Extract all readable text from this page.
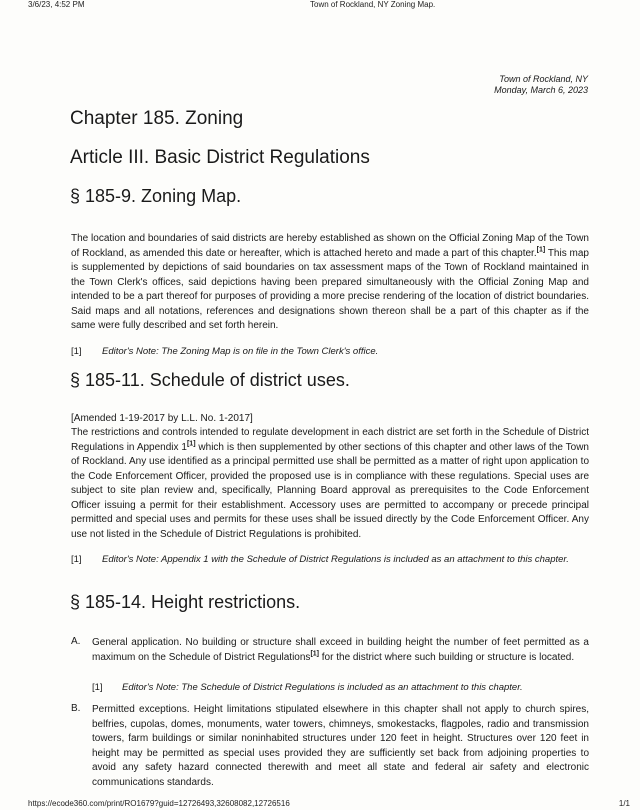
3/6/23, 4:52 PM	Town of Rockland, NY Zoning Map.
Town of Rockland, NY
Monday, March 6, 2023
Chapter 185. Zoning
Article III. Basic District Regulations
§ 185-9. Zoning Map.
The location and boundaries of said districts are hereby established as shown on the Official Zoning Map of the Town of Rockland, as amended this date or hereafter, which is attached hereto and made a part of this chapter.[1] This map is supplemented by depictions of said boundaries on tax assessment maps of the Town of Rockland maintained in the Town Clerk's offices, said depictions having been prepared simultaneously with the Official Zoning Map and intended to be a part thereof for purposes of providing a more precise rendering of the location of district boundaries. Said maps and all notations, references and designations shown thereon shall be a part of this chapter as if the same were fully described and set forth herein.
[1] Editor's Note: The Zoning Map is on file in the Town Clerk's office.
§ 185-11. Schedule of district uses.
[Amended 1-19-2017 by L.L. No. 1-2017]
The restrictions and controls intended to regulate development in each district are set forth in the Schedule of District Regulations in Appendix 1[1] which is then supplemented by other sections of this chapter and other laws of the Town of Rockland. Any use identified as a principal permitted use shall be permitted as a matter of right upon application to the Code Enforcement Officer, provided the proposed use is in compliance with these regulations. Special uses are subject to site plan review and, specifically, Planning Board approval as prerequisites to the Code Enforcement Officer issuing a permit for their establishment. Accessory uses are permitted to accompany or precede principal permitted and special uses and permits for these uses shall be issued directly by the Code Enforcement Officer. Any use not listed in the Schedule of District Regulations is prohibited.
[1] Editor's Note: Appendix 1 with the Schedule of District Regulations is included as an attachment to this chapter.
§ 185-14. Height restrictions.
A. General application. No building or structure shall exceed in building height the number of feet permitted as a maximum on the Schedule of District Regulations[1] for the district where such building or structure is located.
[1] Editor's Note: The Schedule of District Regulations is included as an attachment to this chapter.
B. Permitted exceptions. Height limitations stipulated elsewhere in this chapter shall not apply to church spires, belfries, cupolas, domes, monuments, water towers, chimneys, smokestacks, flagpoles, radio and transmission towers, farm buildings or similar noninhabited structures under 120 feet in height. Structures over 120 feet in height may be permitted as special uses provided they are sufficiently set back from adjoining properties to avoid any safety hazard connected therewith and meet all state and federal air safety and electronic communications standards.
https://ecode360.com/print/RO1679?guid=12726493,32608082,12726516	1/1
